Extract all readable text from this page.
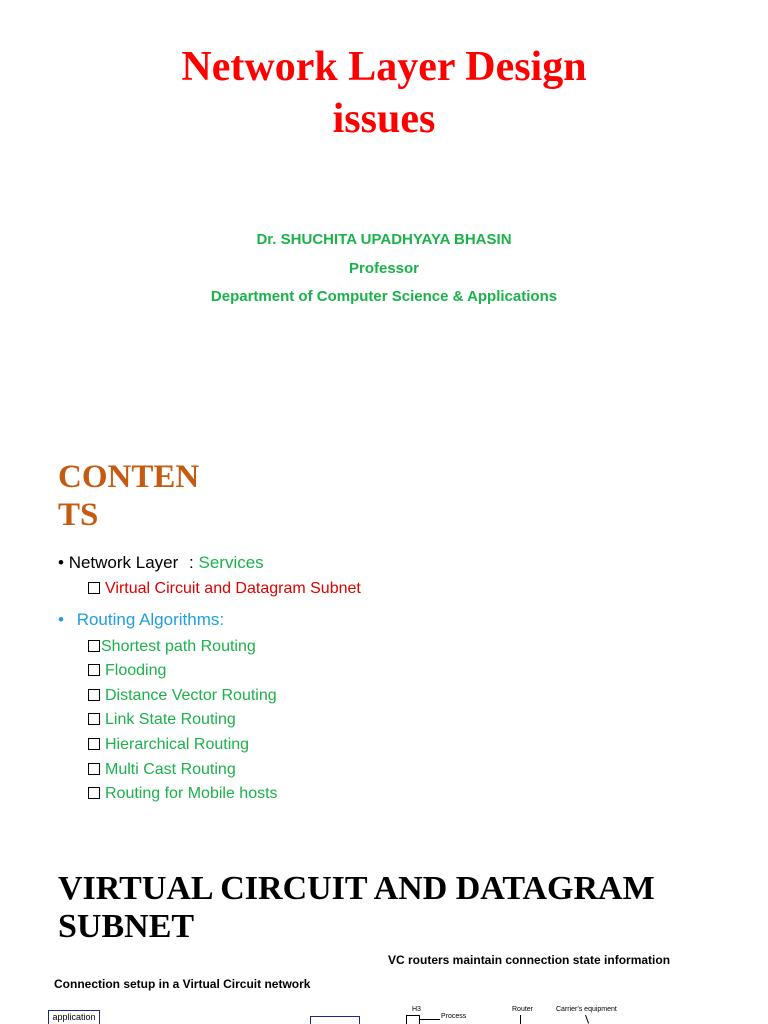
Network Layer Design
issues
Dr. SHUCHITA UPADHYAYA BHASIN
Professor
Department of Computer Science & Applications
CONTEN
TS
• Network Layer : Services
Virtual Circuit and Datagram Subnet
• Routing Algorithms:
Shortest path Routing
Flooding
Distance Vector Routing
Link State Routing
Hierarchical Routing
Multi Cast Routing
Routing for Mobile hosts
VIRTUAL CIRCUIT AND DATAGRAM
SUBNET
VC routers maintain connection state information
Connection setup in a Virtual Circuit network
application
H3
Process
Router	Carrier's equipment
